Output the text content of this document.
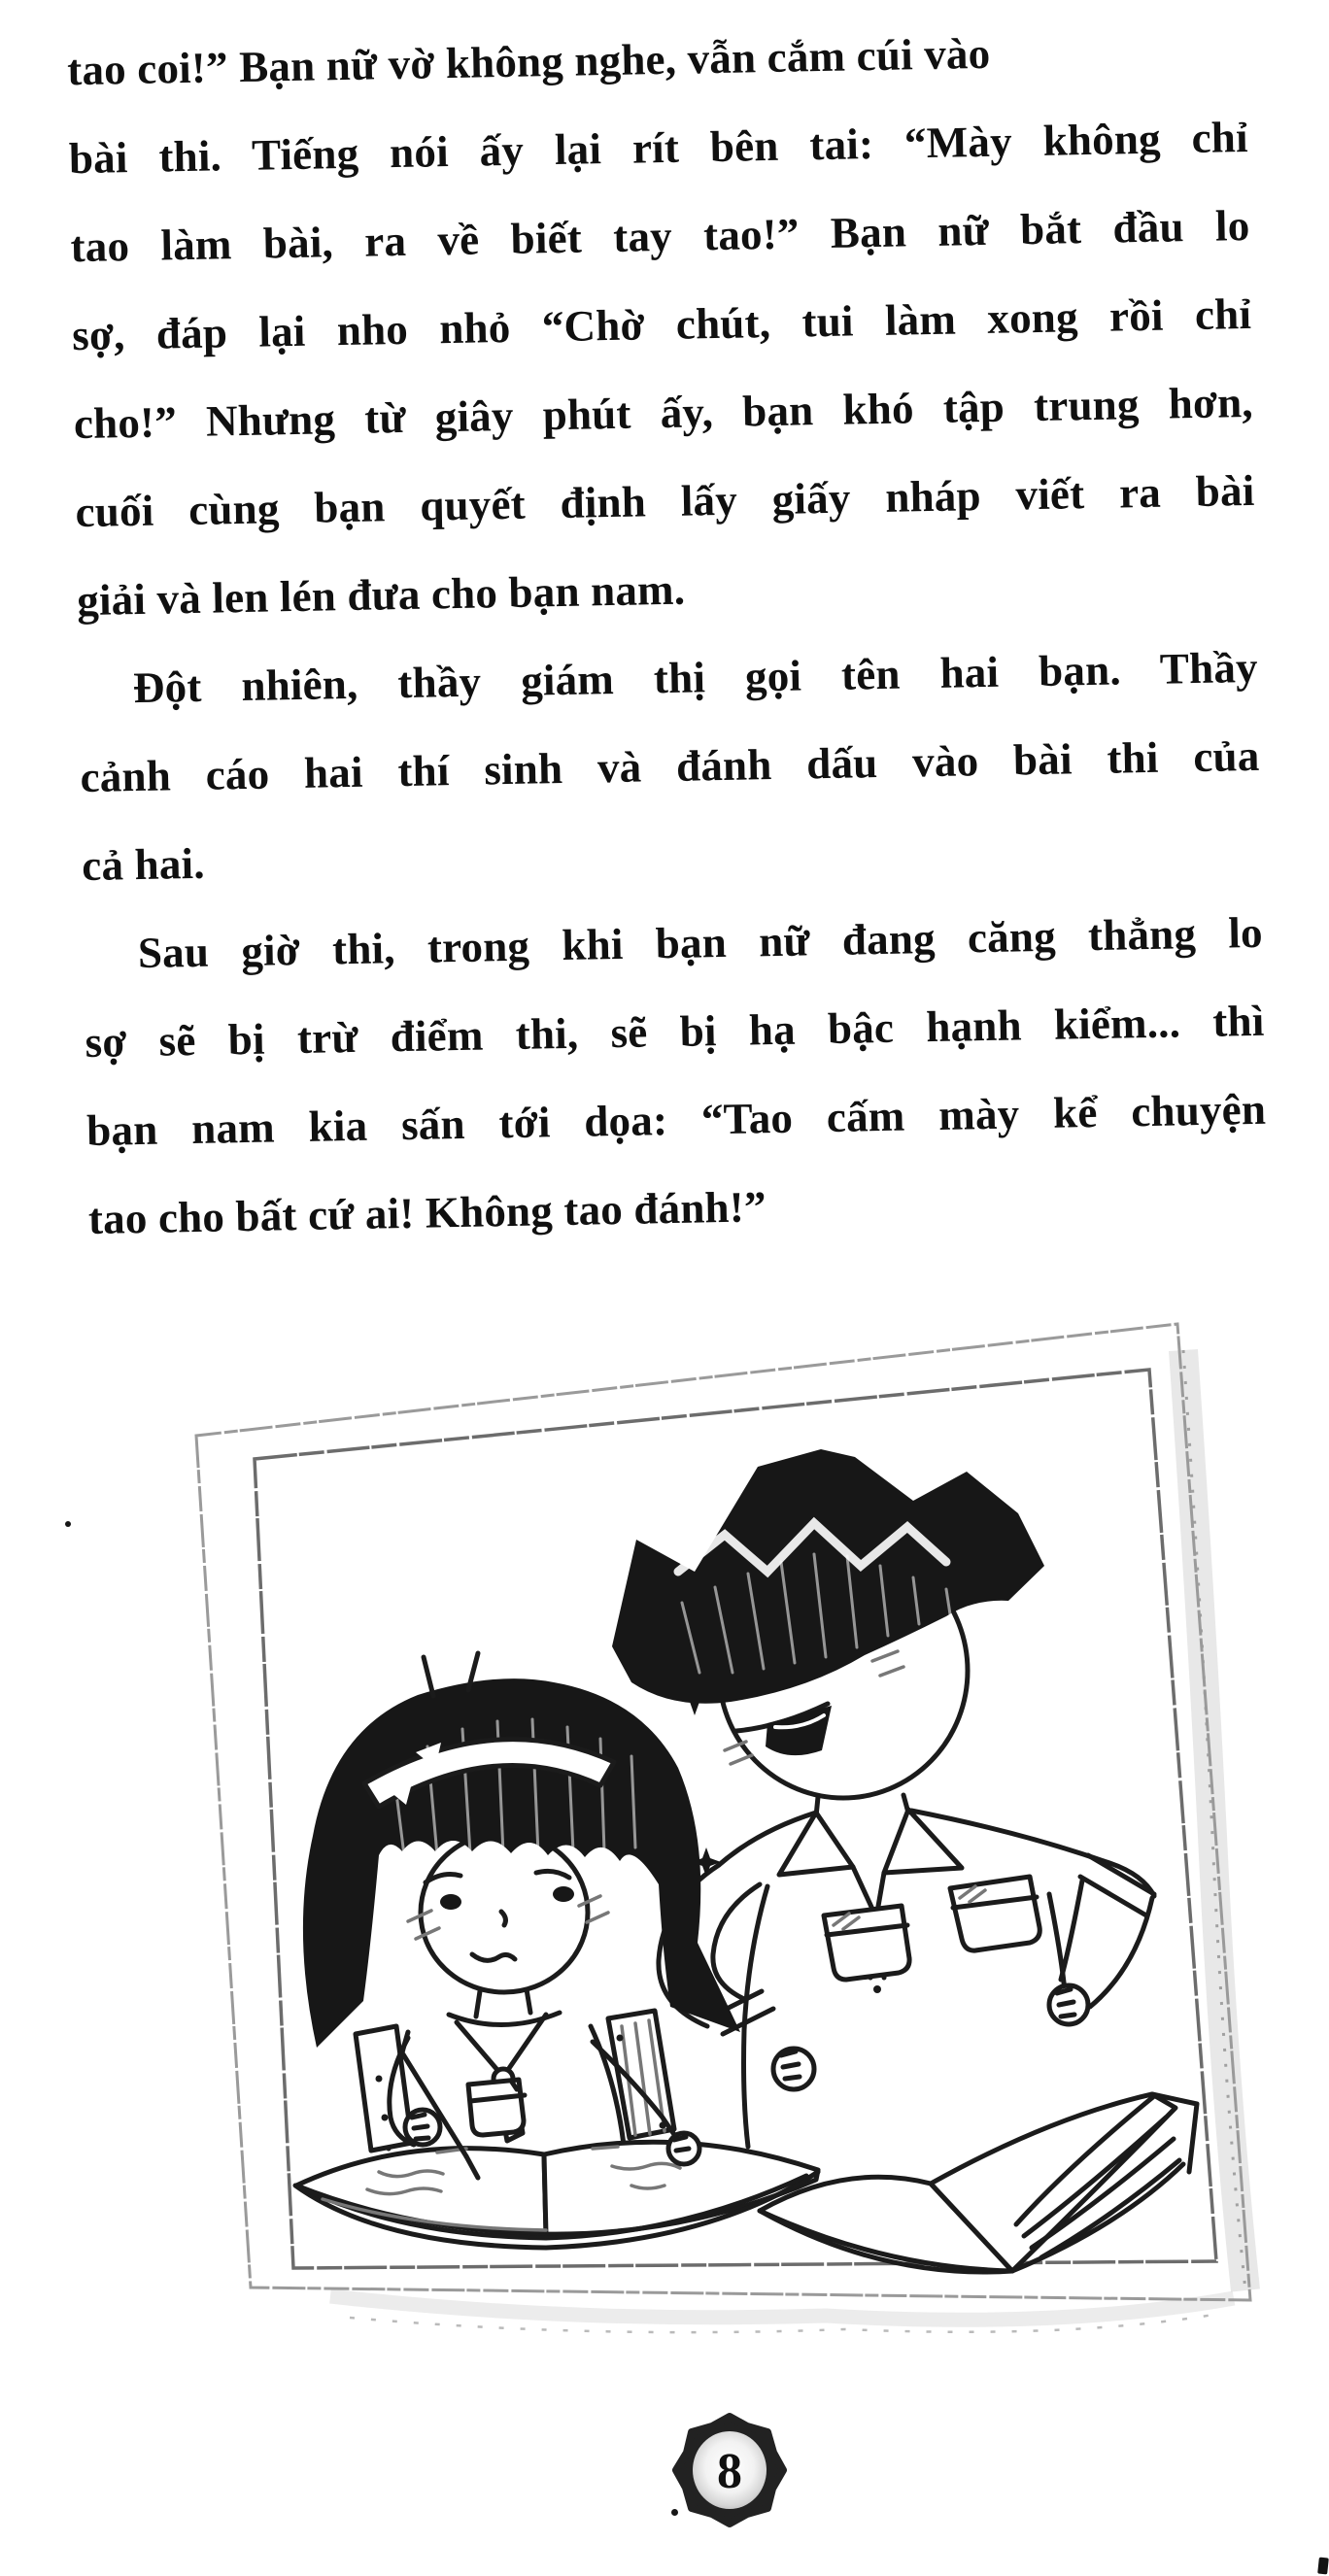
tao coi!” Bạn nữ vờ không nghe, vẫn cắm cúi vào
bài thi. Tiếng nói ấy lại rít bên tai: “Mày không chỉ
tao làm bài, ra về biết tay tao!” Bạn nữ bắt đầu lo
sợ, đáp lại nho nhỏ “Chờ chút, tui làm xong rồi chỉ
cho!” Nhưng từ giây phút ấy, bạn khó tập trung hơn,
cuối cùng bạn quyết định lấy giấy nháp viết ra bài
giải và len lén đưa cho bạn nam.
Đột nhiên, thầy giám thị gọi tên hai bạn. Thầy
cảnh cáo hai thí sinh và đánh dấu vào bài thi của
cả hai.
Sau giờ thi, trong khi bạn nữ đang căng thẳng lo
sợ sẽ bị trừ điểm thi, sẽ bị hạ bậc hạnh kiểm... thì
bạn nam kia sấn tới dọa: “Tao cấm mày kể chuyện
tao cho bất cứ ai! Không tao đánh!”
8
